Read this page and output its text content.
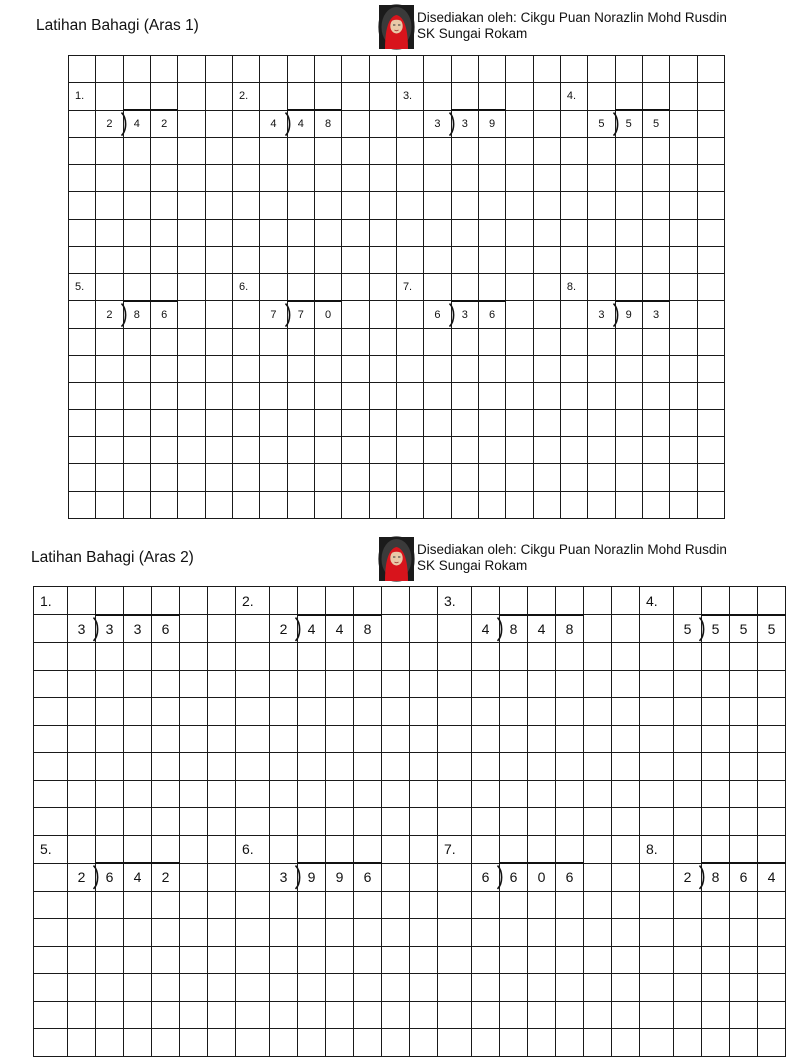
Latihan Bahagi (Aras 1)	Disediakan oleh: Cikgu Puan Norazlin Mohd Rusdin
SK Sungai Rokam

1.						2.						3.						4.					
	2	4	2				4	4	8				3	3	9				5	5	5		

5.						6.						7.						8.					
	2	8	6				7	7	0				6	3	6				3	9	3		

Latihan Bahagi (Aras 2)	Disediakan oleh: Cikgu Puan Norazlin Mohd Rusdin
SK Sungai Rokam
1.							2.							3.							4.				
	3	3	3	6				2	4	4	8				4	8	4	8				5	5	5	5

5.							6.							7.							8.				
	2	6	4	2				3	9	9	6				6	6	0	6				2	8	6	4
